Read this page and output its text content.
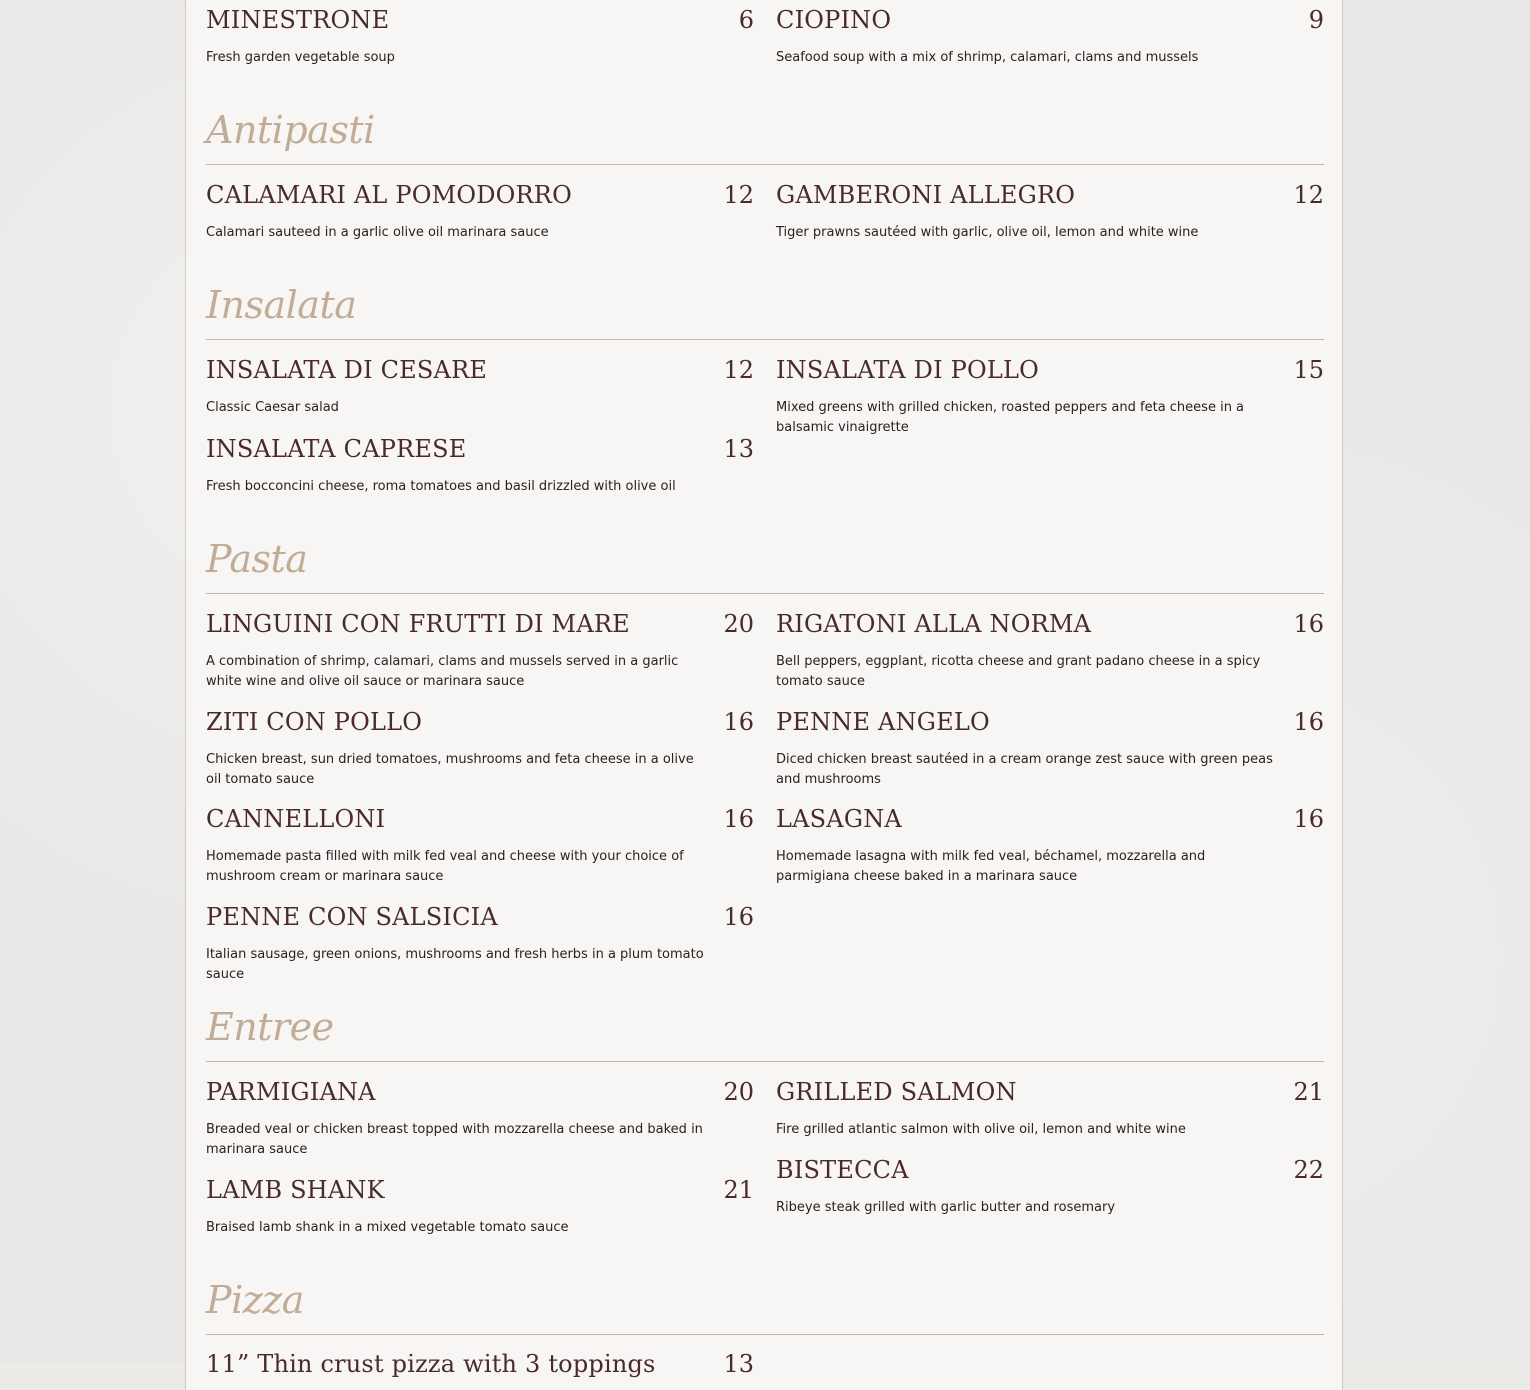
MINESTRONE	6
Fresh garden vegetable soup
CIOPINO	9
Seafood soup with a mix of shrimp, calamari, clams and mussels
Antipasti
CALAMARI AL POMODORRO	12
Calamari sauteed in a garlic olive oil marinara sauce
GAMBERONI ALLEGRO	12
Tiger prawns sautéed with garlic, olive oil, lemon and white wine
Insalata
INSALATA DI CESARE	12
Classic Caesar salad
INSALATA DI POLLO	15
Mixed greens with grilled chicken, roasted peppers and feta cheese in a balsamic vinaigrette
INSALATA CAPRESE	13
Fresh bocconcini cheese, roma tomatoes and basil drizzled with olive oil
Pasta
LINGUINI CON FRUTTI DI MARE	20
A combination of shrimp, calamari, clams and mussels served in a garlic white wine and olive oil sauce or marinara sauce
RIGATONI ALLA NORMA	16
Bell peppers, eggplant, ricotta cheese and grant padano cheese in a spicy tomato sauce
ZITI CON POLLO	16
Chicken breast, sun dried tomatoes, mushrooms and feta cheese in a olive oil tomato sauce
PENNE ANGELO	16
Diced chicken breast sautéed in a cream orange zest sauce with green peas and mushrooms
CANNELLONI	16
Homemade pasta filled with milk fed veal and cheese with your choice of mushroom cream or marinara sauce
LASAGNA	16
Homemade lasagna with milk fed veal, béchamel, mozzarella and parmigiana cheese baked in a marinara sauce
PENNE CON SALSICIA	16
Italian sausage, green onions, mushrooms and fresh herbs in a plum tomato sauce
Entree
PARMIGIANA	20
Breaded veal or chicken breast topped with mozzarella cheese and baked in marinara sauce
GRILLED SALMON	21
Fire grilled atlantic salmon with olive oil, lemon and white wine
LAMB SHANK	21
Braised lamb shank in a mixed vegetable tomato sauce
BISTECCA	22
Ribeye steak grilled with garlic butter and rosemary
Pizza
11” Thin crust pizza with 3 toppings	13
